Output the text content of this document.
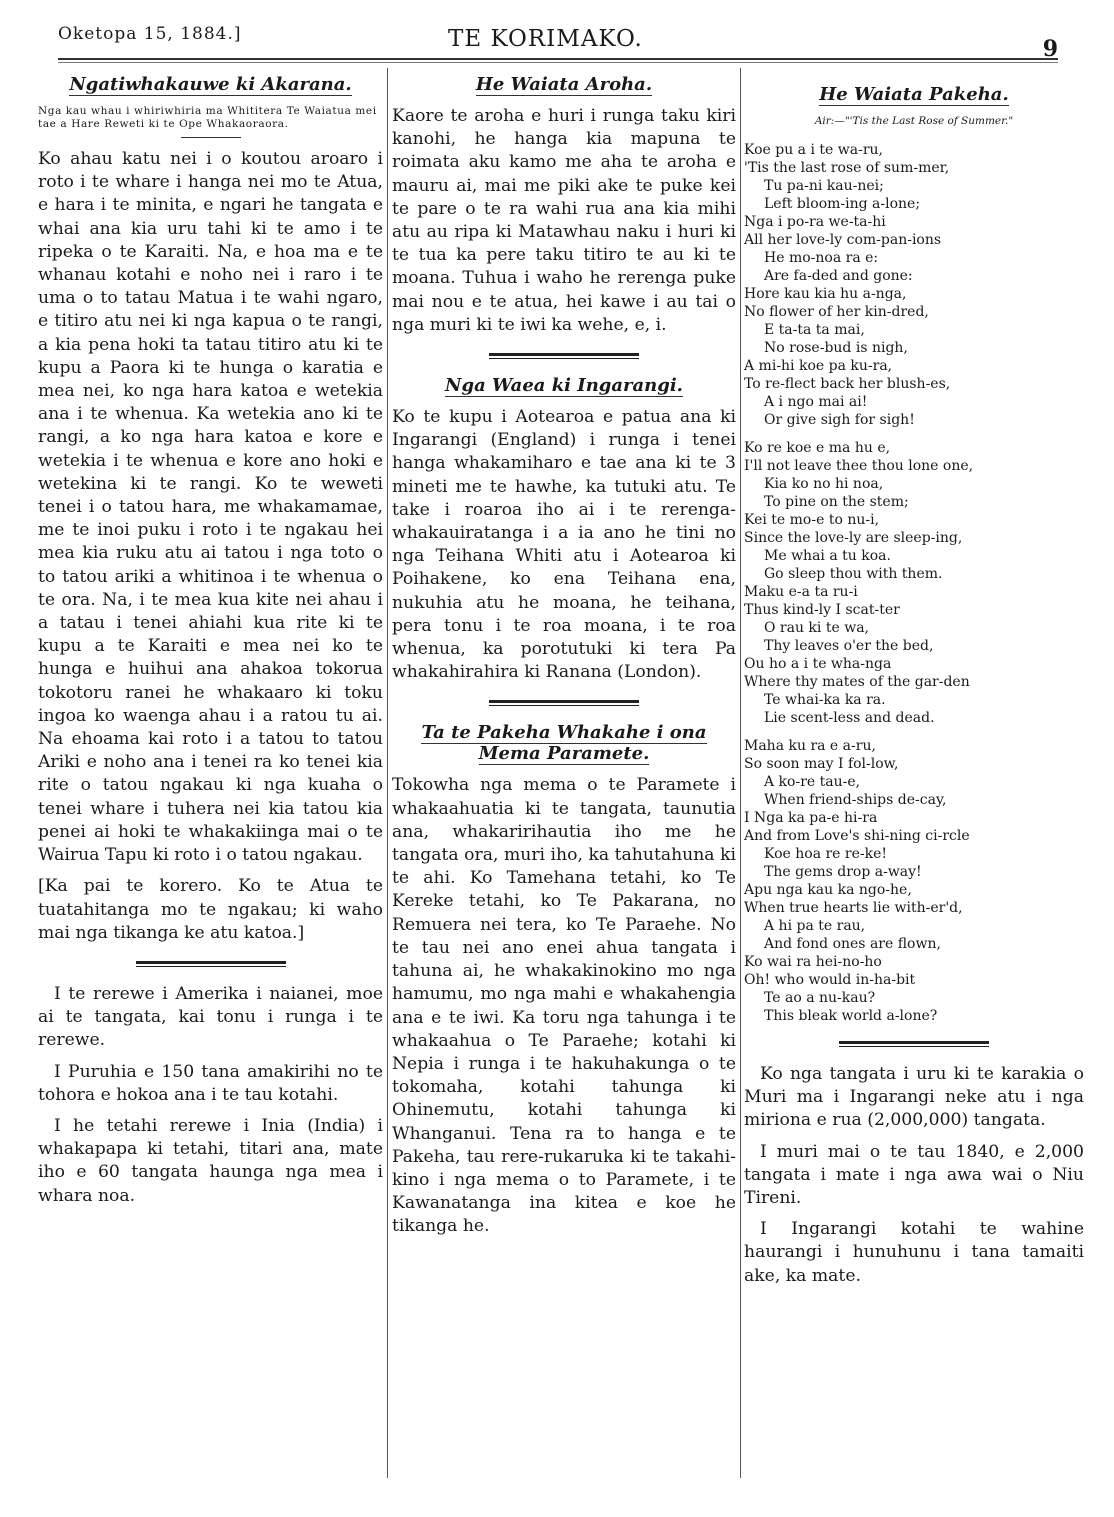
Oketopa 15, 1884.]	TE KORIMAKO.	9
Ngatiwhakauwe ki Akarana.

Nga kau whau i whiriwhiria ma Whititera Te Waiatua mei tae a Hare Reweti ki te Ope Whakaoraora.

Ko ahau katu nei i o koutou aroaro i roto i te whare i hanga nei mo te Atua, e hara i te minita, e ngari he tangata e whai ana kia uru tahi ki te amo i te ripeka o te Karaiti. Na, e hoa ma e te whanau kotahi e noho nei i raro i te uma o to tatau Matua i te wahi ngaro, e titiro atu nei ki nga kapua o te rangi, a kia pena hoki ta tatau titiro atu ki te kupu a Paora ki te hunga o karatia e mea nei, ko nga hara katoa e wetekia ana i te whenua. Ka wetekia ano ki te rangi, a ko nga hara katoa e kore e wetekia i te whenua e kore ano hoki e wetekina ki te rangi. Ko te weweti tenei i o tatou hara, me whakamamae, me te inoi puku i roto i te ngakau hei mea kia ruku atu ai tatou i nga toto o to tatou ariki a whitinoa i te whenua o te ora. Na, i te mea kua kite nei ahau i a tatau i tenei ahiahi kua rite ki te kupu a te Karaiti e mea nei ko te hunga e huihui ana ahakoa tokorua tokotoru ranei he whakaaro ki toku ingoa ko waenga ahau i a ratou tu ai. Na ehoama kai roto i a tatou to tatou Ariki e noho ana i tenei ra ko tenei kia rite o tatou ngakau ki nga kuaha o tenei whare i tuhera nei kia tatou kia penei ai hoki te whakakiinga mai o te Wairua Tapu ki roto i o tatou ngakau.

[Ka pai te korero. Ko te Atua te tuatahitanga mo te ngakau; ki waho mai nga tikanga ke atu katoa.]

I te rerewe i Amerika i naianei, moe ai te tangata, kai tonu i runga i te rerewe.

I Puruhia e 150 tana amakirihi no te tohora e hokoa ana i te tau kotahi.

I he tetahi rerewe i Inia (India) i whakapapa ki tetahi, titari ana, mate iho e 60 tangata haunga nga mea i whara noa.

He Waiata Aroha.

Kaore te aroha e huri i runga taku kiri kanohi, he hanga kia mapuna te roimata aku kamo me aha te aroha e mauru ai, mai me piki ake te puke kei te pare o te ra wahi rua ana kia mihi atu au ripa ki Matawhau naku i huri ki te tua ka pere taku titiro te au ki te moana. Tuhua i waho he rerenga puke mai nou e te atua, hei kawe i au tai o nga muri ki te iwi ka wehe, e, i.

Nga Waea ki Ingarangi.

Ko te kupu i Aotearoa e patua ana ki Ingarangi (England) i runga i tenei hanga whakamiharo e tae ana ki te 3 mineti me te hawhe, ka tutuki atu. Te take i roaroa iho ai i te rerenga-whakauiratanga i a ia ano he tini no nga Teihana Whiti atu i Aotearoa ki Poihakene, ko ena Teihana ena, nukuhia atu he moana, he teihana, pera tonu i te roa moana, i te roa whenua, ka porotutuki ki tera Pa whakahirahira ki Ranana (London).

Ta te Pakeha Whakahe i ona Mema Paramete.

Tokowha nga mema o te Paramete i whakaahuatia ki te tangata, taunutia ana, whakaririhautia iho me he tangata ora, muri iho, ka tahutahuna ki te ahi. Ko Tamehana tetahi, ko Te Kereke tetahi, ko Te Pakarana, no Remuera nei tera, ko Te Paraehe. No te tau nei ano enei ahua tangata i tahuna ai, he whakakinokino mo nga hamumu, mo nga mahi e whakahengia ana e te iwi. Ka toru nga tahunga i te whakaahua o Te Paraehe; kotahi ki Nepia i runga i te hakuhakunga o te tokomaha, kotahi tahunga ki Ohinemutu, kotahi tahunga ki Whanganui. Tena ra to hanga e te Pakeha, tau rere-rukaruka ki te takahi-kino i nga mema o to Paramete, i te Kawanatanga ina kitea e koe he tikanga he.

He Waiata Pakeha.

Air:—"'Tis the Last Rose of Summer."

Koe pu a i te wa-ru,
'Tis the last rose of sum-mer,
Tu pa-ni kau-nei;
Left bloom-ing a-lone;
Nga i po-ra we-ta-hi
All her love-ly com-pan-ions
He mo-noa ra e:
Are fa-ded and gone:
Hore kau kia hu a-nga,
No flower of her kin-dred,
E ta-ta ta mai,
No rose-bud is nigh,
A mi-hi koe pa ku-ra,
To re-flect back her blush-es,
A i ngo mai ai!
Or give sigh for sigh!
Ko re koe e ma hu e,
I'll not leave thee thou lone one,
Kia ko no hi noa,
To pine on the stem;
Kei te mo-e to nu-i,
Since the love-ly are sleep-ing,
Me whai a tu koa.
Go sleep thou with them.
Maku e-a ta ru-i
Thus kind-ly I scat-ter
O rau ki te wa,
Thy leaves o'er the bed,
Ou ho a i te wha-nga
Where thy mates of the gar-den
Te whai-ka ka ra.
Lie scent-less and dead.
Maha ku ra e a-ru,
So soon may I fol-low,
A ko-re tau-e,
When friend-ships de-cay,
I Nga ka pa-e hi-ra
And from Love's shi-ning ci-rcle
Koe hoa re re-ke!
The gems drop a-way!
Apu nga kau ka ngo-he,
When true hearts lie with-er'd,
A hi pa te rau,
And fond ones are flown,
Ko wai ra hei-no-ho
Oh! who would in-ha-bit
Te ao a nu-kau?
This bleak world a-lone?

Ko nga tangata i uru ki te karakia o Muri ma i Ingarangi neke atu i nga miriona e rua (2,000,000) tangata.

I muri mai o te tau 1840, e 2,000 tangata i mate i nga awa wai o Niu Tireni.

I Ingarangi kotahi te wahine haurangi i hunuhunu i tana tamaiti ake, ka mate.
